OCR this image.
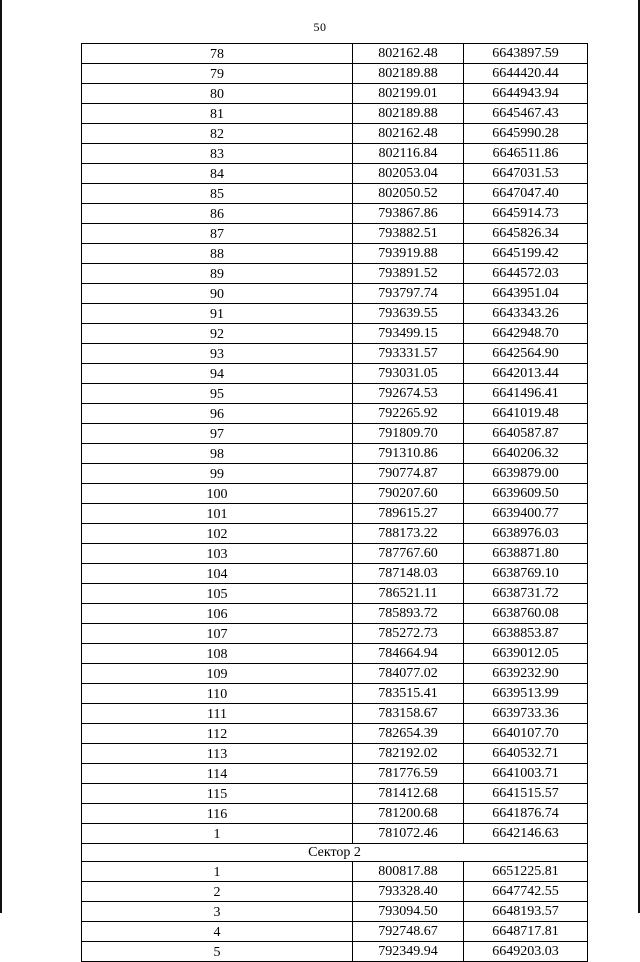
50
78	802162.48	6643897.59
79	802189.88	6644420.44
80	802199.01	6644943.94
81	802189.88	6645467.43
82	802162.48	6645990.28
83	802116.84	6646511.86
84	802053.04	6647031.53
85	802050.52	6647047.40
86	793867.86	6645914.73
87	793882.51	6645826.34
88	793919.88	6645199.42
89	793891.52	6644572.03
90	793797.74	6643951.04
91	793639.55	6643343.26
92	793499.15	6642948.70
93	793331.57	6642564.90
94	793031.05	6642013.44
95	792674.53	6641496.41
96	792265.92	6641019.48
97	791809.70	6640587.87
98	791310.86	6640206.32
99	790774.87	6639879.00
100	790207.60	6639609.50
101	789615.27	6639400.77
102	788173.22	6638976.03
103	787767.60	6638871.80
104	787148.03	6638769.10
105	786521.11	6638731.72
106	785893.72	6638760.08
107	785272.73	6638853.87
108	784664.94	6639012.05
109	784077.02	6639232.90
110	783515.41	6639513.99
111	783158.67	6639733.36
112	782654.39	6640107.70
113	782192.02	6640532.71
114	781776.59	6641003.71
115	781412.68	6641515.57
116	781200.68	6641876.74
1	781072.46	6642146.63
Сектор 2		
1	800817.88	6651225.81
2	793328.40	6647742.55
3	793094.50	6648193.57
4	792748.67	6648717.81
5	792349.94	6649203.03
